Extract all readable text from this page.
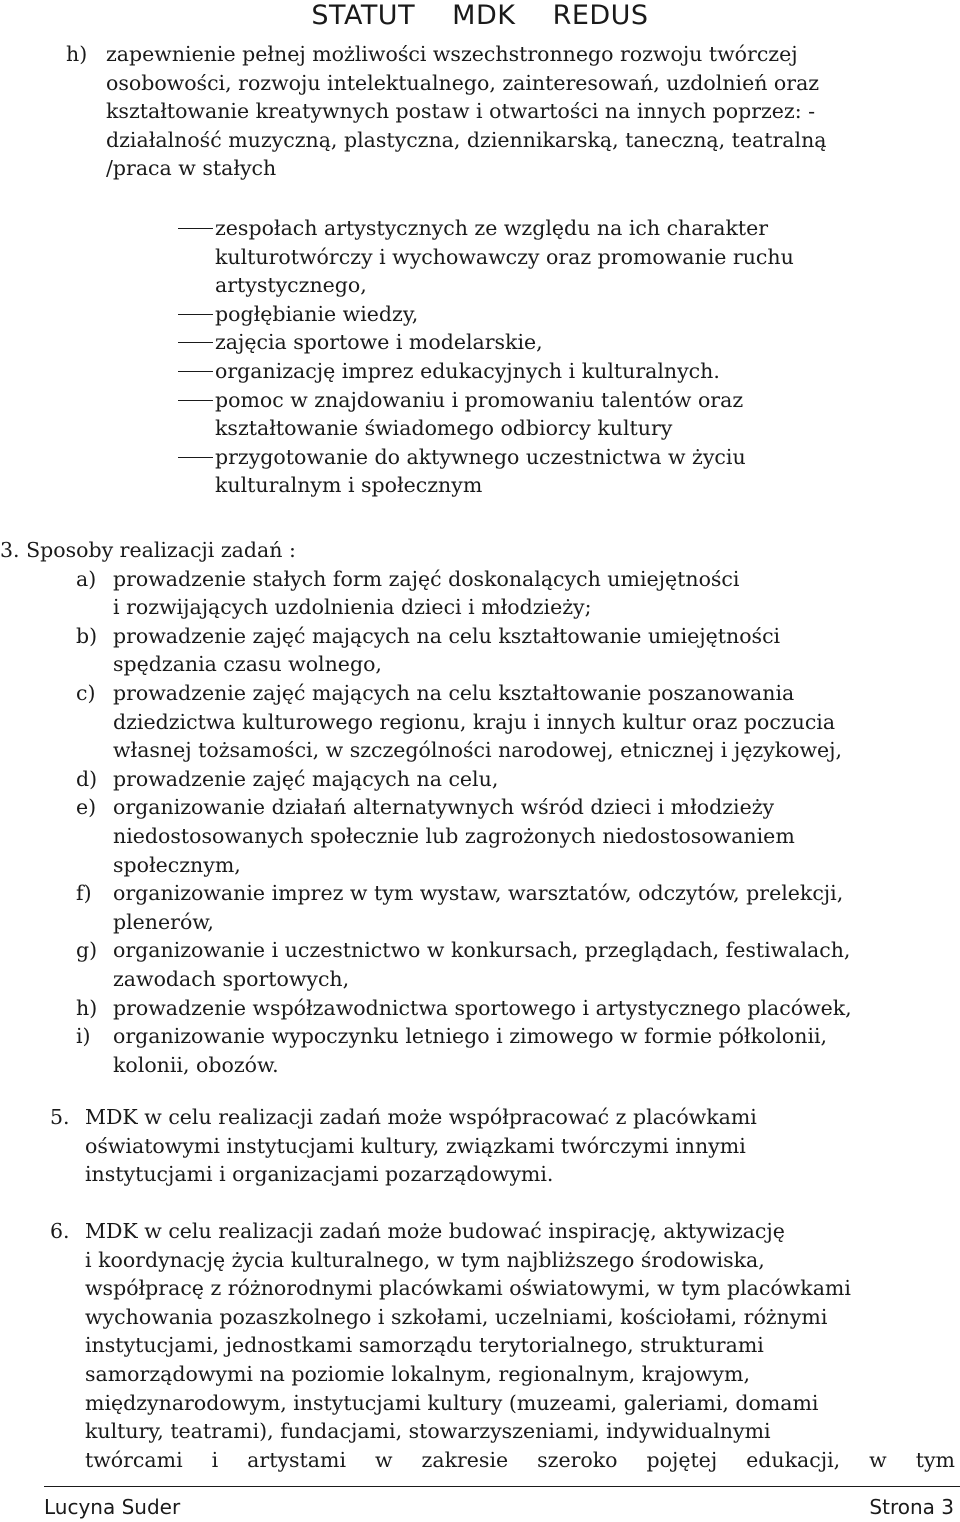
STATUT MDK REDUS
h) zapewnienie pełnej możliwości wszechstronnego rozwoju twórczej
osobowości, rozwoju intelektualnego, zainteresowań, uzdolnień oraz
kształtowanie kreatywnych postaw i otwartości na innych poprzez: -
działalność muzyczną, plastyczna, dziennikarską, taneczną, teatralną
/praca w stałych
zespołach artystycznych ze względu na ich charakter
kulturotwórczy i wychowawczy oraz promowanie ruchu
artystycznego,
pogłębianie wiedzy,
zajęcia sportowe i modelarskie,
organizację imprez edukacyjnych i kulturalnych.
pomoc w znajdowaniu i promowaniu talentów oraz
kształtowanie świadomego odbiorcy kultury
przygotowanie do aktywnego uczestnictwa w życiu
kulturalnym i społecznym
3. Sposoby realizacji zadań :
a) prowadzenie stałych form zajęć doskonalących umiejętności
i rozwijających uzdolnienia dzieci i młodzieży;
b) prowadzenie zajęć mających na celu kształtowanie umiejętności
spędzania czasu wolnego,
c) prowadzenie zajęć mających na celu kształtowanie poszanowania
dziedzictwa kulturowego regionu, kraju i innych kultur oraz poczucia
własnej tożsamości, w szczególności narodowej, etnicznej i językowej,
d) prowadzenie zajęć mających na celu,
e) organizowanie działań alternatywnych wśród dzieci i młodzieży
niedostosowanych społecznie lub zagrożonych niedostosowaniem
społecznym,
f) organizowanie imprez w tym wystaw, warsztatów, odczytów, prelekcji,
plenerów,
g) organizowanie i uczestnictwo w konkursach, przeglądach, festiwalach,
zawodach sportowych,
h) prowadzenie współzawodnictwa sportowego i artystycznego placówek,
i) organizowanie wypoczynku letniego i zimowego w formie półkolonii,
kolonii, obozów.
5. MDK w celu realizacji zadań może współpracować z placówkami
oświatowymi instytucjami kultury, związkami twórczymi innymi
instytucjami i organizacjami pozarządowymi.
6. MDK w celu realizacji zadań może budować inspirację, aktywizację
i koordynację życia kulturalnego, w tym najbliższego środowiska,
współpracę z różnorodnymi placówkami oświatowymi, w tym placówkami
wychowania pozaszkolnego i szkołami, uczelniami, kościołami, różnymi
instytucjami, jednostkami samorządu terytorialnego, strukturami
samorządowymi na poziomie lokalnym, regionalnym, krajowym,
międzynarodowym, instytucjami kultury (muzeami, galeriami, domami
kultury, teatrami), fundacjami, stowarzyszeniami, indywidualnymi
twórcami i artystami w zakresie szeroko pojętej edukacji, w tym
Lucyna Suder	Strona 3
